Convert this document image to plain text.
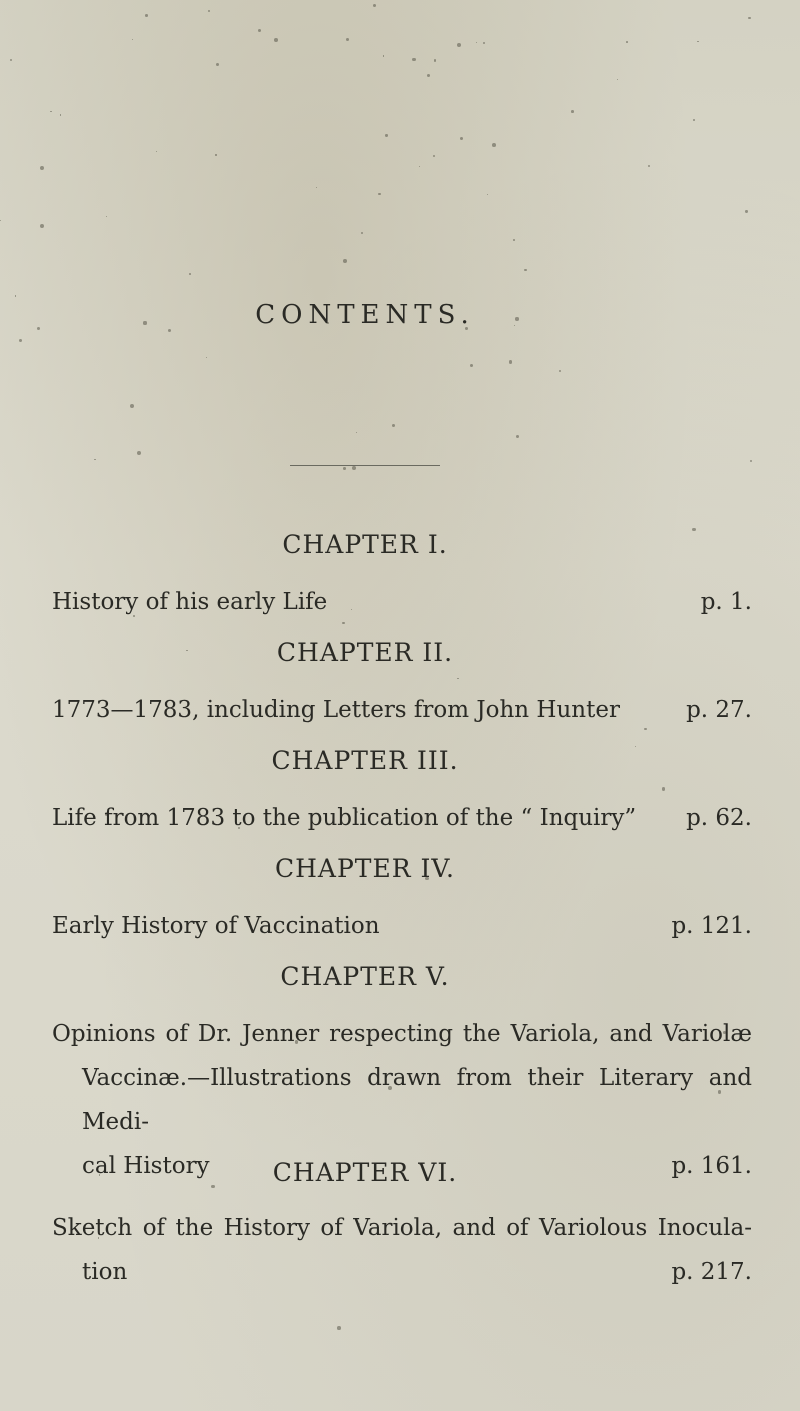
CONTENTS.
CHAPTER I.
History of his early Life	p. 1.
CHAPTER II.
1773—1783, including Letters from John Hunter	p. 27.
CHAPTER III.
Life from 1783 to the publication of the “ Inquiry” p. 62.
CHAPTER IV.
Early History of Vaccination	p. 121.
CHAPTER V.
Opinions of Dr. Jenner respecting the Variola, and Variolæ
Vaccinæ.—Illustrations drawn from their Literary and Medi-
cal History	p. 161.
CHAPTER VI.
Sketch of the History of Variola, and of Variolous Inocula-
tion	p. 217.
